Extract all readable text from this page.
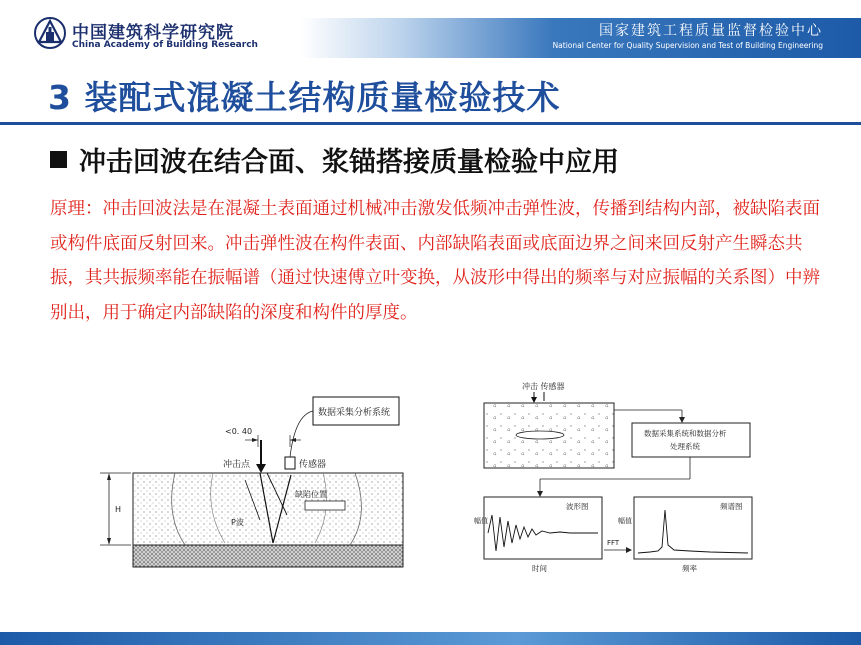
中国建筑科学研究院
China Academy of Building Research
国家建筑工程质量监督检验中心
National Center for Quality Supervision and Test of Building Engineering
3 装配式混凝土结构质量检验技术
冲击回波在结合面、浆锚搭接质量检验中应用

原理：冲击回波法是在混凝土表面通过机械冲击激发低频冲击弹性波，传播到结构内部，被缺陷表面或构件底面反射回来。冲击弹性波在构件表面、内部缺陷表面或底面边界之间来回反射产生瞬态共振，其共振频率能在振幅谱（通过快速傅立叶变换，从波形中得出的频率与对应振幅的关系图）中辨别出，用于确定内部缺陷的深度和构件的厚度。

H
P波
缺陷位置
冲击点	传感器
<0. 40
数据采集分析系统
冲击 传感器
数据采集系统和数据分析
处理系统
波形图
幅值
时间
FFT
频谱图
幅值
频率
